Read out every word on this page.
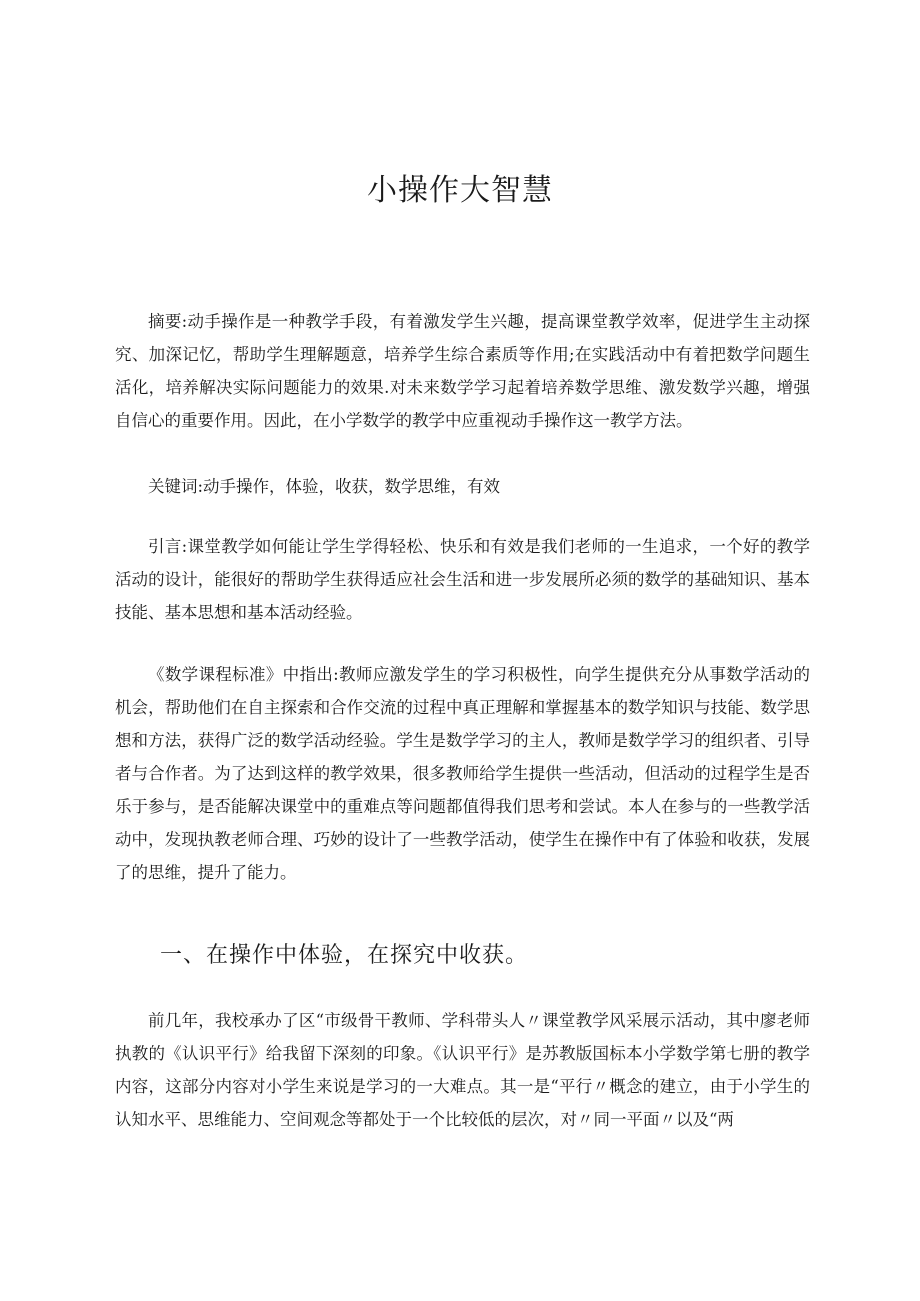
小操作大智慧

摘要:动手操作是一种教学手段，有着激发学生兴趣，提高课堂教学效率，促进学生主动探究、加深记忆，帮助学生理解题意，培养学生综合素质等作用;在实践活动中有着把数学问题生活化，培养解决实际问题能力的效果.对未来数学学习起着培养数学思维、激发数学兴趣，增强自信心的重要作用。因此，在小学数学的教学中应重视动手操作这一教学方法。

关键词:动手操作，体验，收获，数学思维，有效

引言:课堂教学如何能让学生学得轻松、快乐和有效是我们老师的一生追求，一个好的教学活动的设计，能很好的帮助学生获得适应社会生活和进一步发展所必须的数学的基础知识、基本技能、基本思想和基本活动经验。

《数学课程标准》中指出:教师应激发学生的学习积极性，向学生提供充分从事数学活动的机会，帮助他们在自主探索和合作交流的过程中真正理解和掌握基本的数学知识与技能、数学思想和方法，获得广泛的数学活动经验。学生是数学学习的主人，教师是数学学习的组织者、引导者与合作者。为了达到这样的教学效果，很多教师给学生提供一些活动，但活动的过程学生是否乐于参与，是否能解决课堂中的重难点等问题都值得我们思考和尝试。本人在参与的一些教学活动中，发现执教老师合理、巧妙的设计了一些教学活动，使学生在操作中有了体验和收获，发展了的思维，提升了能力。

一、在操作中体验，在探究中收获。

前几年，我校承办了区“市级骨干教师、学科带头人〃课堂教学风采展示活动，其中廖老师执教的《认识平行》给我留下深刻的印象。《认识平行》是苏教版国标本小学数学第七册的教学内容，这部分内容对小学生来说是学习的一大难点。其一是“平行〃概念的建立，由于小学生的认知水平、思维能力、空间观念等都处于一个比较低的层次，对〃同一平面〃以及“两
